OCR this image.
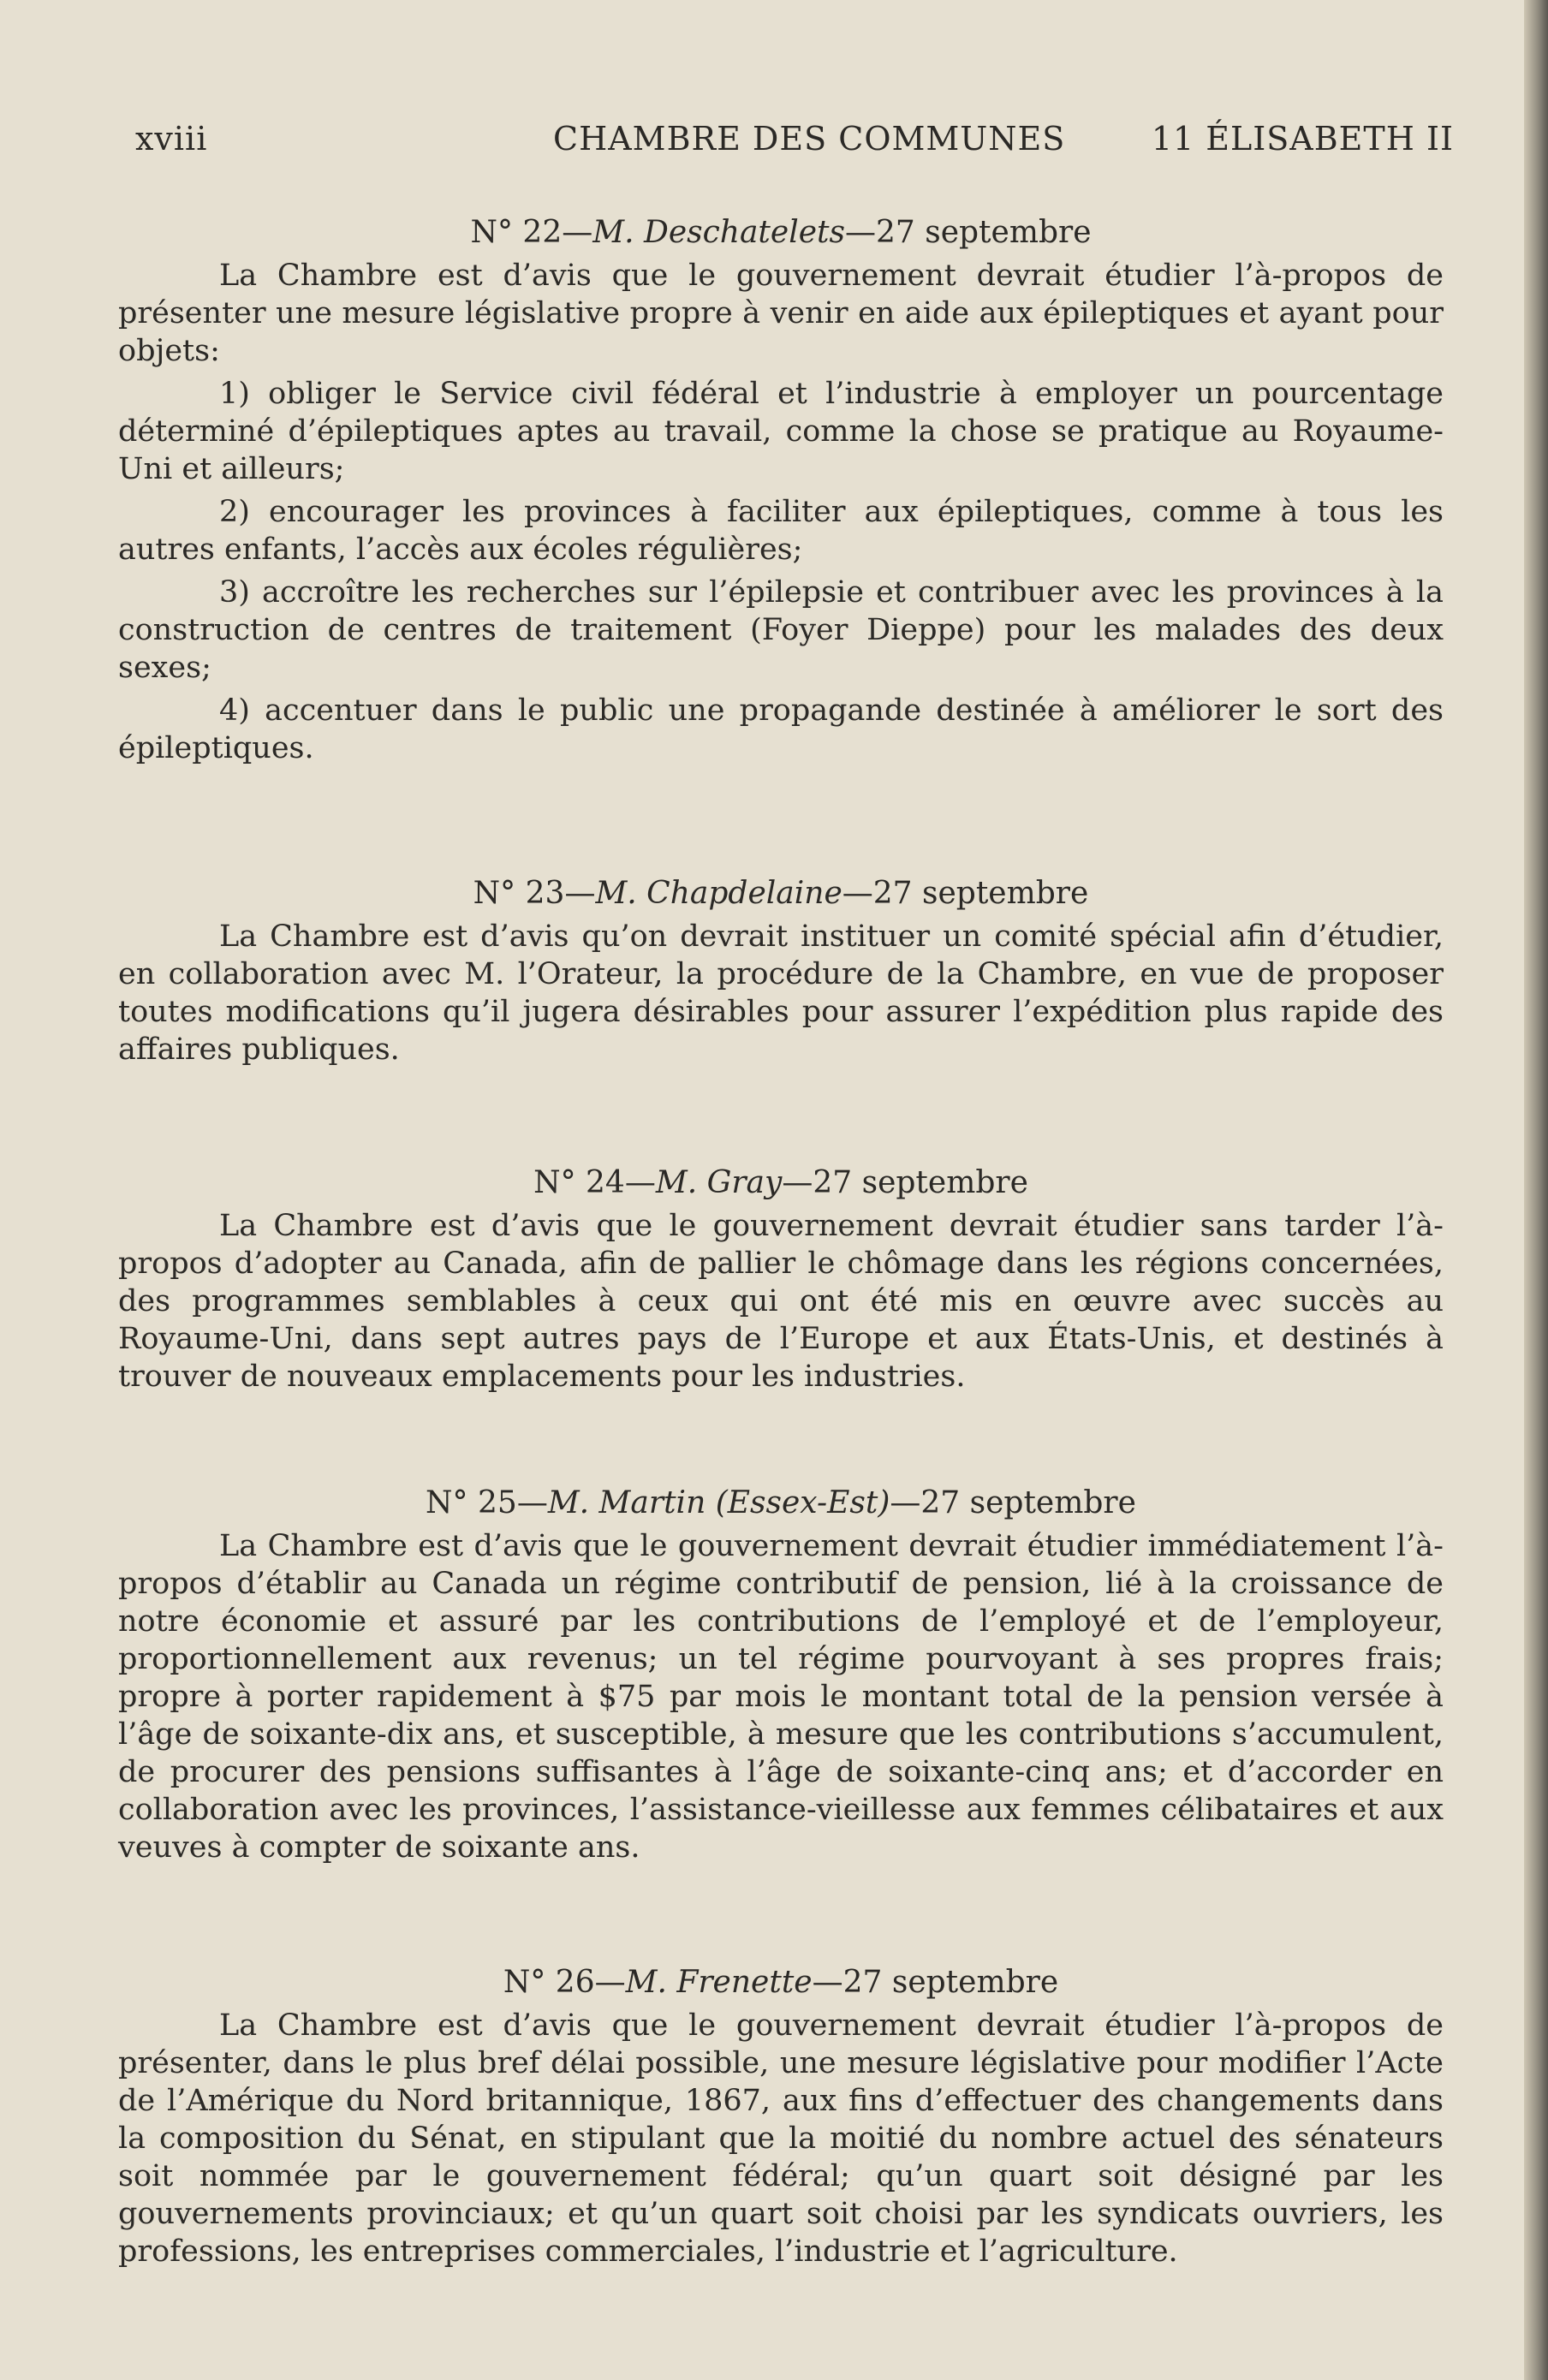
xviii	CHAMBRE DES COMMUNES	11 ÉLISABETH II
N° 22—M. Deschatelets—27 septembre

La Chambre est d’avis que le gouvernement devrait étudier l’à-propos de présenter une mesure législative propre à venir en aide aux épileptiques et ayant pour objets:

1) obliger le Service civil fédéral et l’industrie à employer un pourcentage déterminé d’épileptiques aptes au travail, comme la chose se pratique au Royaume-Uni et ailleurs;

2) encourager les provinces à faciliter aux épileptiques, comme à tous les autres enfants, l’accès aux écoles régulières;

3) accroître les recherches sur l’épilepsie et contribuer avec les provinces à la construction de centres de traitement (Foyer Dieppe) pour les malades des deux sexes;

4) accentuer dans le public une propagande destinée à améliorer le sort des épileptiques.

N° 23—M. Chapdelaine—27 septembre

La Chambre est d’avis qu’on devrait instituer un comité spécial afin d’étudier, en collaboration avec M. l’Orateur, la procédure de la Chambre, en vue de proposer toutes modifications qu’il jugera désirables pour assurer l’expédition plus rapide des affaires publiques.

N° 24—M. Gray—27 septembre

La Chambre est d’avis que le gouvernement devrait étudier sans tarder l’à-propos d’adopter au Canada, afin de pallier le chômage dans les régions concernées, des programmes semblables à ceux qui ont été mis en œuvre avec succès au Royaume-Uni, dans sept autres pays de l’Europe et aux États-Unis, et destinés à trouver de nouveaux emplacements pour les industries.

N° 25—M. Martin (Essex-Est)—27 septembre

La Chambre est d’avis que le gouvernement devrait étudier immédiatement l’à-propos d’établir au Canada un régime contributif de pension, lié à la croissance de notre économie et assuré par les contributions de l’employé et de l’employeur, proportionnellement aux revenus; un tel régime pourvoyant à ses propres frais; propre à porter rapidement à $75 par mois le montant total de la pension versée à l’âge de soixante-dix ans, et susceptible, à mesure que les contributions s’accumulent, de procurer des pensions suffisantes à l’âge de soixante-cinq ans; et d’accorder en collaboration avec les provinces, l’assistance-vieillesse aux femmes célibataires et aux veuves à compter de soixante ans.

N° 26—M. Frenette—27 septembre

La Chambre est d’avis que le gouvernement devrait étudier l’à-propos de présenter, dans le plus bref délai possible, une mesure législative pour modifier l’Acte de l’Amérique du Nord britannique, 1867, aux fins d’effectuer des changements dans la composition du Sénat, en stipulant que la moitié du nombre actuel des sénateurs soit nommée par le gouvernement fédéral; qu’un quart soit désigné par les gouvernements provinciaux; et qu’un quart soit choisi par les syndicats ouvriers, les professions, les entreprises commerciales, l’industrie et l’agriculture.
